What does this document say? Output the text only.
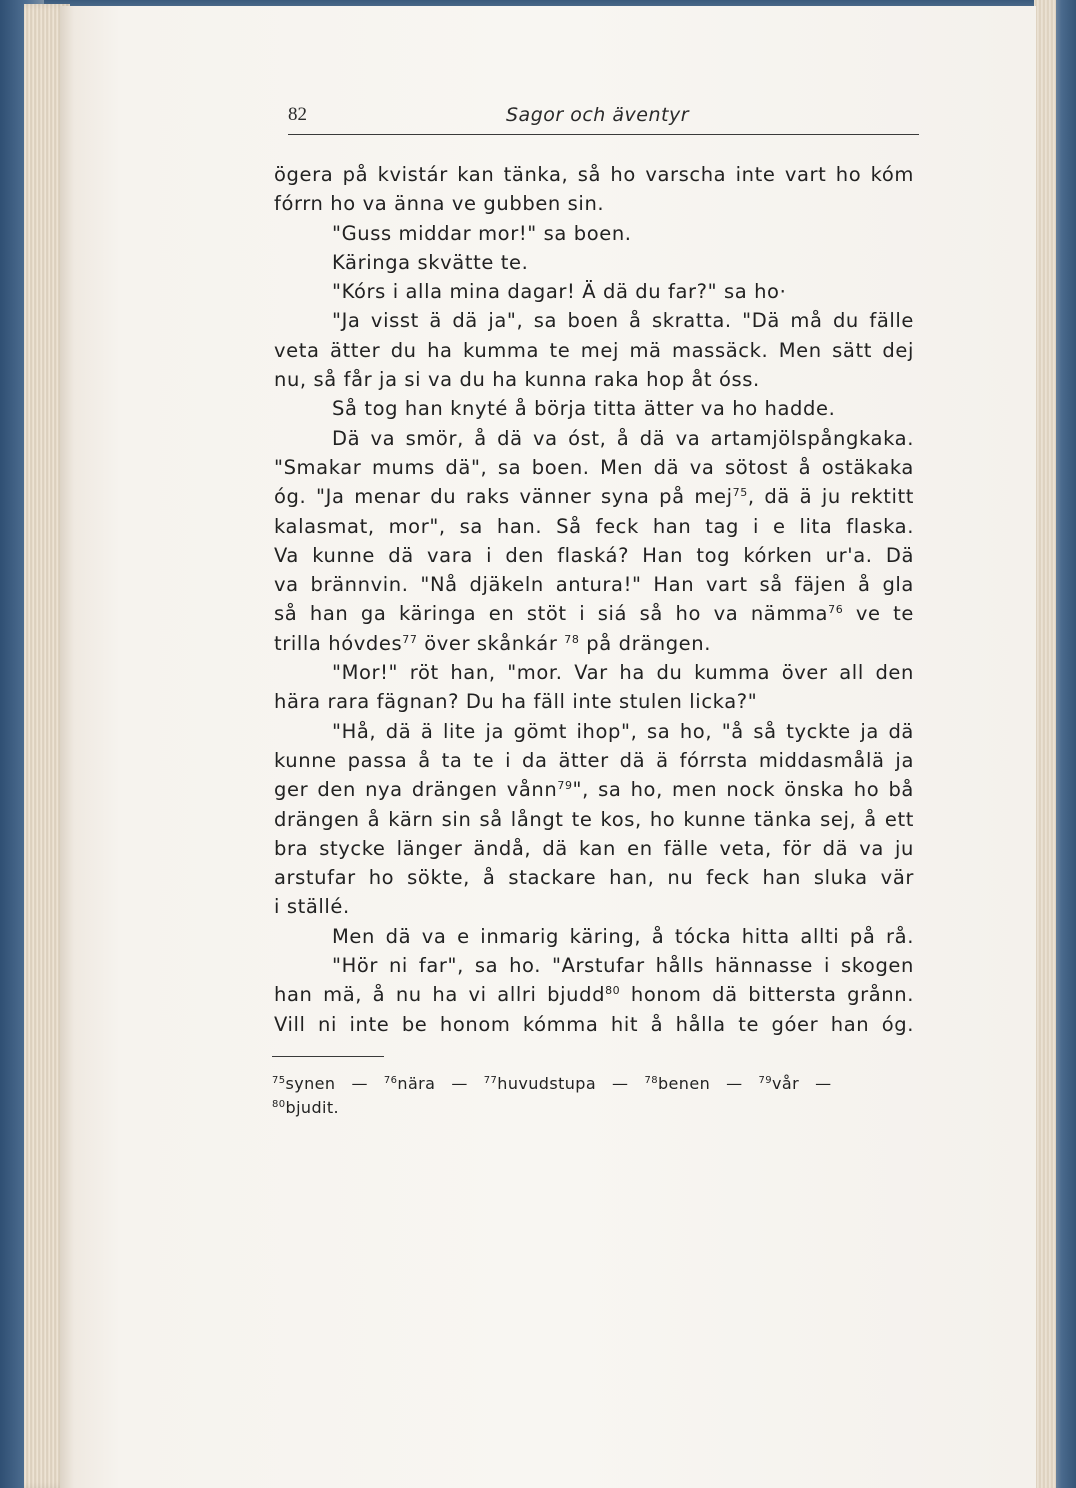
82	Sagor och äventyr
ögera på kvistár kan tänka, så ho varscha inte vart ho kóm
fórrn ho va änna ve gubben sin.
"Guss middar mor!" sa boen.
Käringa skvätte te.
"Kórs i alla mina dagar! Ä dä du far?" sa ho·
"Ja visst ä dä ja", sa boen å skratta. "Dä må du fälle
veta ätter du ha kumma te mej mä massäck. Men sätt dej
nu, så får ja si va du ha kunna raka hop åt óss.
Så tog han knyté å börja titta ätter va ho hadde.
Dä va smör, å dä va óst, å dä va artamjölspångkaka.
"Smakar mums dä", sa boen. Men dä va sötost å ostäkaka
óg. "Ja menar du raks vänner syna på mej$^{75}$, dä ä ju rektitt
kalasmat, mor", sa han. Så feck han tag i e lita flaska.
Va kunne dä vara i den flaská? Han tog kórken ur'a. Dä
va brännvin. "Nå djäkeln antura!" Han vart så fäjen å gla
så han ga käringa en stöt i siá så ho va nämma$^{76}$ ve te
trilla hóvdes$^{77}$ över skånkár $^{78}$ på drängen.
"Mor!" röt han, "mor. Var ha du kumma över all den
hära rara fägnan? Du ha fäll inte stulen licka?"
"Hå, dä ä lite ja gömt ihop", sa ho, "å så tyckte ja dä
kunne passa å ta te i da ätter dä ä fórrsta middasmålä ja
ger den nya drängen vånn$^{79}$", sa ho, men nock önska ho bå
drängen å kärn sin så långt te kos, ho kunne tänka sej, å ett
bra stycke länger ändå, dä kan en fälle veta, för dä va ju
arstufar ho sökte, å stackare han, nu feck han sluka vär
i ställé.
Men dä va e inmarig käring, å tócka hitta allti på rå.
"Hör ni far", sa ho. "Arstufar hålls hännasse i skogen
han mä, å nu ha vi allri bjudd$^{80}$ honom dä bittersta grånn.
Vill ni inte be honom kómma hit å hålla te góer han óg.
$^{75}$synen — $^{76}$nära — $^{77}$huvudstupa — $^{78}$benen — $^{79}$vår —
$^{80}$bjudit.
